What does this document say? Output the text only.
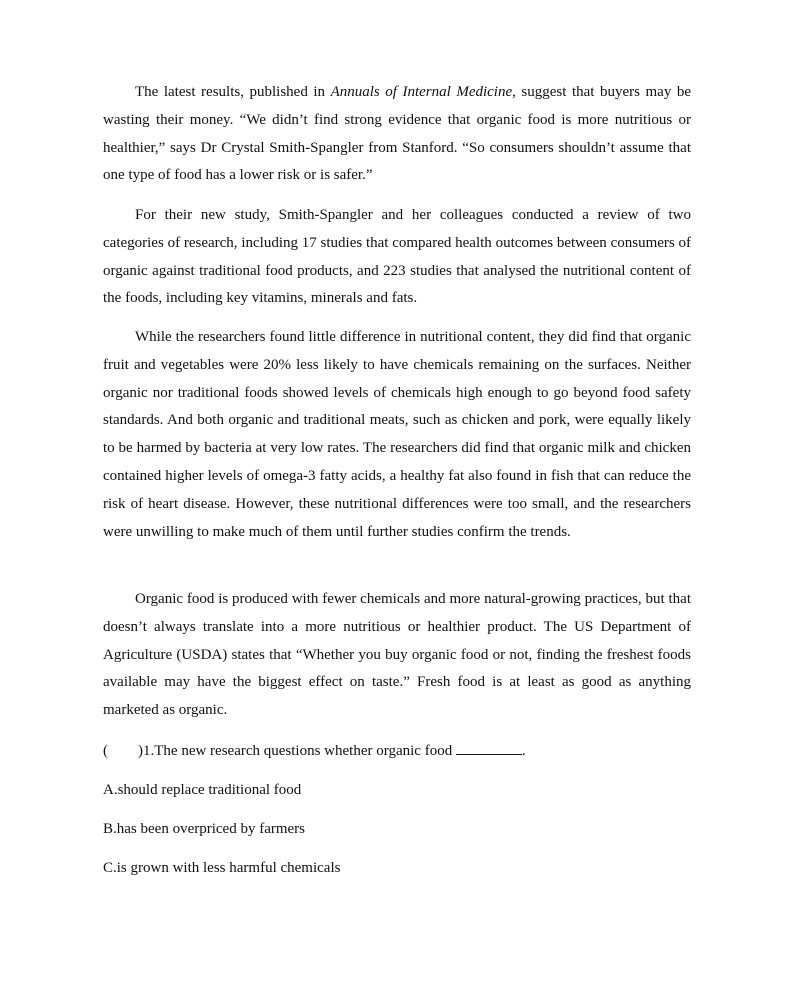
The latest results, published in Annuals of Internal Medicine, suggest that buyers may be wasting their money. “We didn’t find strong evidence that organic food is more nutritious or healthier,” says Dr Crystal Smith-Spangler from Stanford. “So consumers shouldn’t assume that one type of food has a lower risk or is safer.”

For their new study, Smith-Spangler and her colleagues conducted a review of two categories of research, including 17 studies that compared health outcomes between consumers of organic against traditional food products, and 223 studies that analysed the nutritional content of the foods, including key vitamins, minerals and fats.

While the researchers found little difference in nutritional content, they did find that organic fruit and vegetables were 20% less likely to have chemicals remaining on the surfaces. Neither organic nor traditional foods showed levels of chemicals high enough to go beyond food safety standards. And both organic and traditional meats, such as chicken and pork, were equally likely to be harmed by bacteria at very low rates. The researchers did find that organic milk and chicken contained higher levels of omega-3 fatty acids, a healthy fat also found in fish that can reduce the risk of heart disease. However, these nutritional differences were too small, and the researchers were unwilling to make much of them until further studies confirm the trends.

Organic food is produced with fewer chemicals and more natural-growing practices, but that doesn’t always translate into a more nutritious or healthier product. The US Department of Agriculture (USDA) states that “Whether you buy organic food or not, finding the freshest foods available may have the biggest effect on taste.” Fresh food is at least as good as anything marketed as organic.

(        )1.The new research questions whether organic food	.

A.should replace traditional food

B.has been overpriced by farmers

C.is grown with less harmful chemicals
